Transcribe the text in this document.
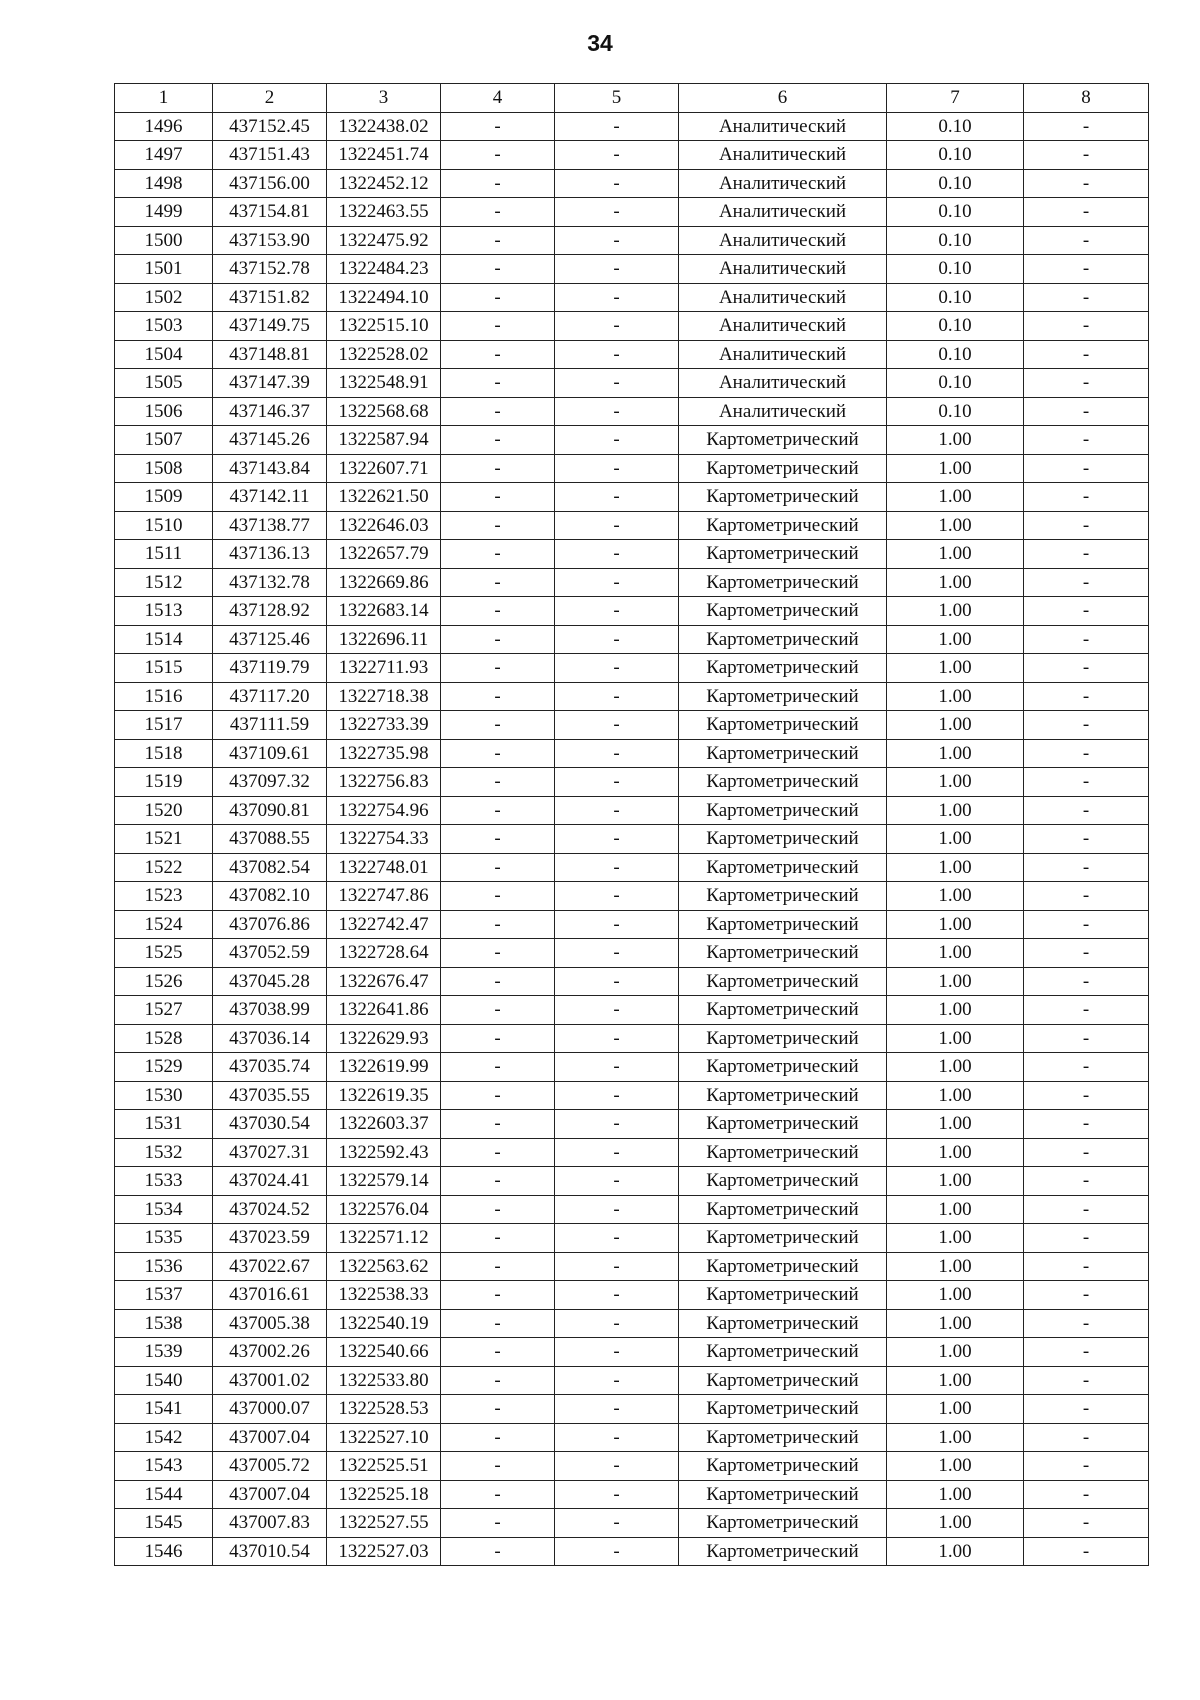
34
1	2	3	4	5	6	7	8
1496	437152.45	1322438.02	-	-	Аналитический	0.10	-
1497	437151.43	1322451.74	-	-	Аналитический	0.10	-
1498	437156.00	1322452.12	-	-	Аналитический	0.10	-
1499	437154.81	1322463.55	-	-	Аналитический	0.10	-
1500	437153.90	1322475.92	-	-	Аналитический	0.10	-
1501	437152.78	1322484.23	-	-	Аналитический	0.10	-
1502	437151.82	1322494.10	-	-	Аналитический	0.10	-
1503	437149.75	1322515.10	-	-	Аналитический	0.10	-
1504	437148.81	1322528.02	-	-	Аналитический	0.10	-
1505	437147.39	1322548.91	-	-	Аналитический	0.10	-
1506	437146.37	1322568.68	-	-	Аналитический	0.10	-
1507	437145.26	1322587.94	-	-	Картометрический	1.00	-
1508	437143.84	1322607.71	-	-	Картометрический	1.00	-
1509	437142.11	1322621.50	-	-	Картометрический	1.00	-
1510	437138.77	1322646.03	-	-	Картометрический	1.00	-
1511	437136.13	1322657.79	-	-	Картометрический	1.00	-
1512	437132.78	1322669.86	-	-	Картометрический	1.00	-
1513	437128.92	1322683.14	-	-	Картометрический	1.00	-
1514	437125.46	1322696.11	-	-	Картометрический	1.00	-
1515	437119.79	1322711.93	-	-	Картометрический	1.00	-
1516	437117.20	1322718.38	-	-	Картометрический	1.00	-
1517	437111.59	1322733.39	-	-	Картометрический	1.00	-
1518	437109.61	1322735.98	-	-	Картометрический	1.00	-
1519	437097.32	1322756.83	-	-	Картометрический	1.00	-
1520	437090.81	1322754.96	-	-	Картометрический	1.00	-
1521	437088.55	1322754.33	-	-	Картометрический	1.00	-
1522	437082.54	1322748.01	-	-	Картометрический	1.00	-
1523	437082.10	1322747.86	-	-	Картометрический	1.00	-
1524	437076.86	1322742.47	-	-	Картометрический	1.00	-
1525	437052.59	1322728.64	-	-	Картометрический	1.00	-
1526	437045.28	1322676.47	-	-	Картометрический	1.00	-
1527	437038.99	1322641.86	-	-	Картометрический	1.00	-
1528	437036.14	1322629.93	-	-	Картометрический	1.00	-
1529	437035.74	1322619.99	-	-	Картометрический	1.00	-
1530	437035.55	1322619.35	-	-	Картометрический	1.00	-
1531	437030.54	1322603.37	-	-	Картометрический	1.00	-
1532	437027.31	1322592.43	-	-	Картометрический	1.00	-
1533	437024.41	1322579.14	-	-	Картометрический	1.00	-
1534	437024.52	1322576.04	-	-	Картометрический	1.00	-
1535	437023.59	1322571.12	-	-	Картометрический	1.00	-
1536	437022.67	1322563.62	-	-	Картометрический	1.00	-
1537	437016.61	1322538.33	-	-	Картометрический	1.00	-
1538	437005.38	1322540.19	-	-	Картометрический	1.00	-
1539	437002.26	1322540.66	-	-	Картометрический	1.00	-
1540	437001.02	1322533.80	-	-	Картометрический	1.00	-
1541	437000.07	1322528.53	-	-	Картометрический	1.00	-
1542	437007.04	1322527.10	-	-	Картометрический	1.00	-
1543	437005.72	1322525.51	-	-	Картометрический	1.00	-
1544	437007.04	1322525.18	-	-	Картометрический	1.00	-
1545	437007.83	1322527.55	-	-	Картометрический	1.00	-
1546	437010.54	1322527.03	-	-	Картометрический	1.00	-
